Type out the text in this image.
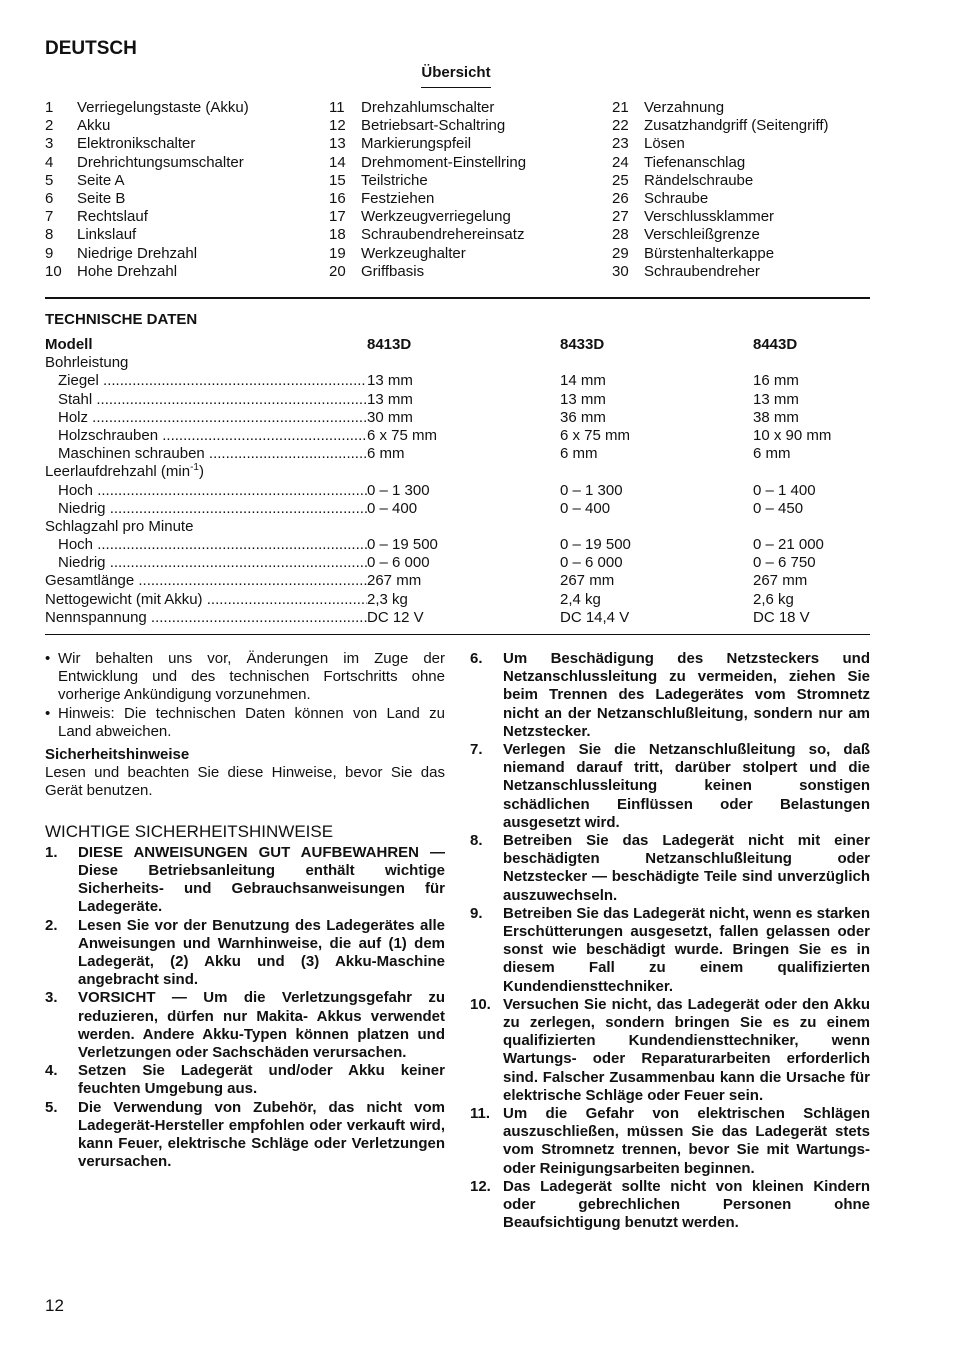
DEUTSCH
Übersicht
1 Verriegelungstaste (Akku)
2 Akku
3 Elektronikschalter
4 Drehrichtungsumschalter
5 Seite A
6 Seite B
7 Rechtslauf
8 Linkslauf
9 Niedrige Drehzahl
10 Hohe Drehzahl
11 Drehzahlumschalter
12 Betriebsart-Schaltring
13 Markierungspfeil
14 Drehmoment-Einstellring
15 Teilstriche
16 Festziehen
17 Werkzeugverriegelung
18 Schraubendrehereinsatz
19 Werkzeughalter
20 Griffbasis
21 Verzahnung
22 Zusatzhandgriff (Seitengriff)
23 Lösen
24 Tiefenanschlag
25 Rändelschraube
26 Schraube
27 Verschlussklammer
28 Verschleißgrenze
29 Bürstenhalterkappe
30 Schraubendreher
TECHNISCHE DATEN
Modell	8413D	8433D	8443D
Bohrleistung
Ziegel .....	13 mm	14 mm	16 mm
Stahl .....	13 mm	13 mm	13 mm
Holz .....	30 mm	36 mm	38 mm
Holzschrauben .....	6 x 75 mm	6 x 75 mm	10 x 90 mm
Maschinen schrauben .....	6 mm	6 mm	6 mm
Leerlaufdrehzahl $(\min^{-1})$
Hoch .....	0 – 1 300	0 – 1 300	0 – 1 400
Niedrig .....	0 – 400	0 – 400	0 – 450
Schlagzahl pro Minute
Hoch .....	0 – 19 500	0 – 19 500	0 – 21 000
Niedrig .....	0 – 6 000	0 – 6 000	0 – 6 750
Gesamtlänge .....	267 mm	267 mm	267 mm
Nettogewicht (mit Akku) .....	2,3 kg	2,4 kg	2,6 kg
Nennspannung .....	DC 12 V	DC 14,4 V	DC 18 V
• Wir behalten uns vor, Änderungen im Zuge der Entwicklung und des technischen Fortschritts ohne vorherige Ankündigung vorzunehmen.
• Hinweis: Die technischen Daten können von Land zu Land abweichen.
Sicherheitshinweise
Lesen und beachten Sie diese Hinweise, bevor Sie das Gerät benutzen.
WICHTIGE SICHERHEITSHINWEISE
1. DIESE ANWEISUNGEN GUT AUFBEWAHREN — Diese Betriebsanleitung enthält wichtige Sicherheits- und Gebrauchsanweisungen für Ladegeräte.
2. Lesen Sie vor der Benutzung des Ladegerätes alle Anweisungen und Warnhinweise, die auf (1) dem Ladegerät, (2) Akku und (3) Akku-Maschine angebracht sind.
3. VORSICHT — Um die Verletzungsgefahr zu reduzieren, dürfen nur Makita- Akkus verwendet werden. Andere Akku-Typen können platzen und Verletzungen oder Sachschäden verursachen.
4. Setzen Sie Ladegerät und/oder Akku keiner feuchten Umgebung aus.
5. Die Verwendung von Zubehör, das nicht vom Ladegerät-Hersteller empfohlen oder verkauft wird, kann Feuer, elektrische Schläge oder Verletzungen verursachen.
6. Um Beschädigung des Netzsteckers und Netzanschlussleitung zu vermeiden, ziehen Sie beim Trennen des Ladegerätes vom Stromnetz nicht an der Netzanschlußleitung, sondern nur am Netzstecker.
7. Verlegen Sie die Netzanschlußleitung so, daß niemand darauf tritt, darüber stolpert und die Netzanschlussleitung keinen sonstigen schädlichen Einflüssen oder Belastungen ausgesetzt wird.
8. Betreiben Sie das Ladegerät nicht mit einer beschädigten Netzanschlußleitung oder Netzstecker — beschädigte Teile sind unverzüglich auszuwechseln.
9. Betreiben Sie das Ladegerät nicht, wenn es starken Erschütterungen ausgesetzt, fallen gelassen oder sonst wie beschädigt wurde. Bringen Sie es in diesem Fall zu einem qualifizierten Kundendiensttechniker.
10. Versuchen Sie nicht, das Ladegerät oder den Akku zu zerlegen, sondern bringen Sie es zu einem qualifizierten Kundendiensttechniker, wenn Wartungs- oder Reparaturarbeiten erforderlich sind. Falscher Zusammenbau kann die Ursache für elektrische Schläge oder Feuer sein.
11. Um die Gefahr von elektrischen Schlägen auszuschließen, müssen Sie das Ladegerät stets vom Stromnetz trennen, bevor Sie mit Wartungs- oder Reinigungsarbeiten beginnen.
12. Das Ladegerät sollte nicht von kleinen Kindern oder gebrechlichen Personen ohne Beaufsichtigung benutzt werden.
12
